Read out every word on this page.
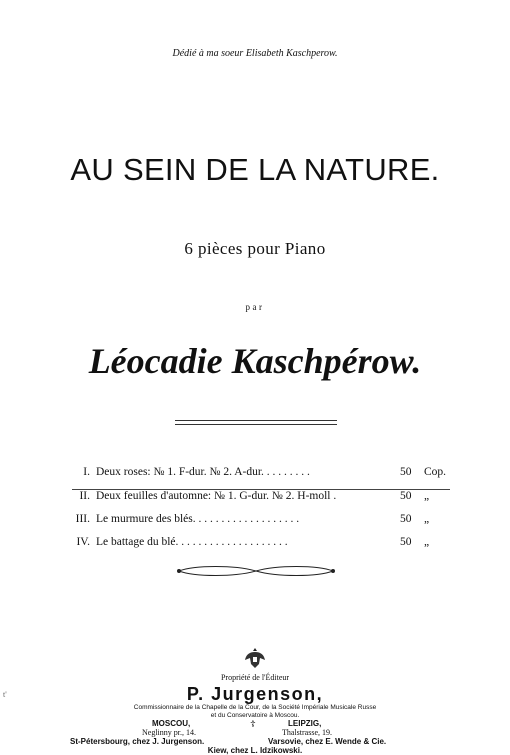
Dédié à ma soeur Elisabeth Kaschperow.
AU SEIN DE LA NATURE.
6 pièces pour Piano
par
Léocadie Kaschpérow.
I. Deux roses: № 1. F-dur. № 2. A-dur. . . . . . . . .	50 Cop.
II. Deux feuilles d'automne: № 1. G-dur. № 2. H-moll .	50 „
III. Le murmure des blés. . . . . . . . . . . . . . . . . . .	50 „
IV. Le battage du blé. . . . . . . . . . . . . . . . . . . .	50 „
Propriété de l'Éditeur
P. Jurgenson,
Commissionnaire de la Chapelle de la Cour, de la Société Impériale Musicale Russe
et du Conservatoire à Moscou.
MOSCOU,	LEIPZIG,
☦
Neglinny pr., 14.	Thalstrasse, 19.
St-Pétersbourg, chez J. Jurgenson.	Varsovie, chez E. Wende & Cie.
t'
Kiew, chez L. Idzikowski.
